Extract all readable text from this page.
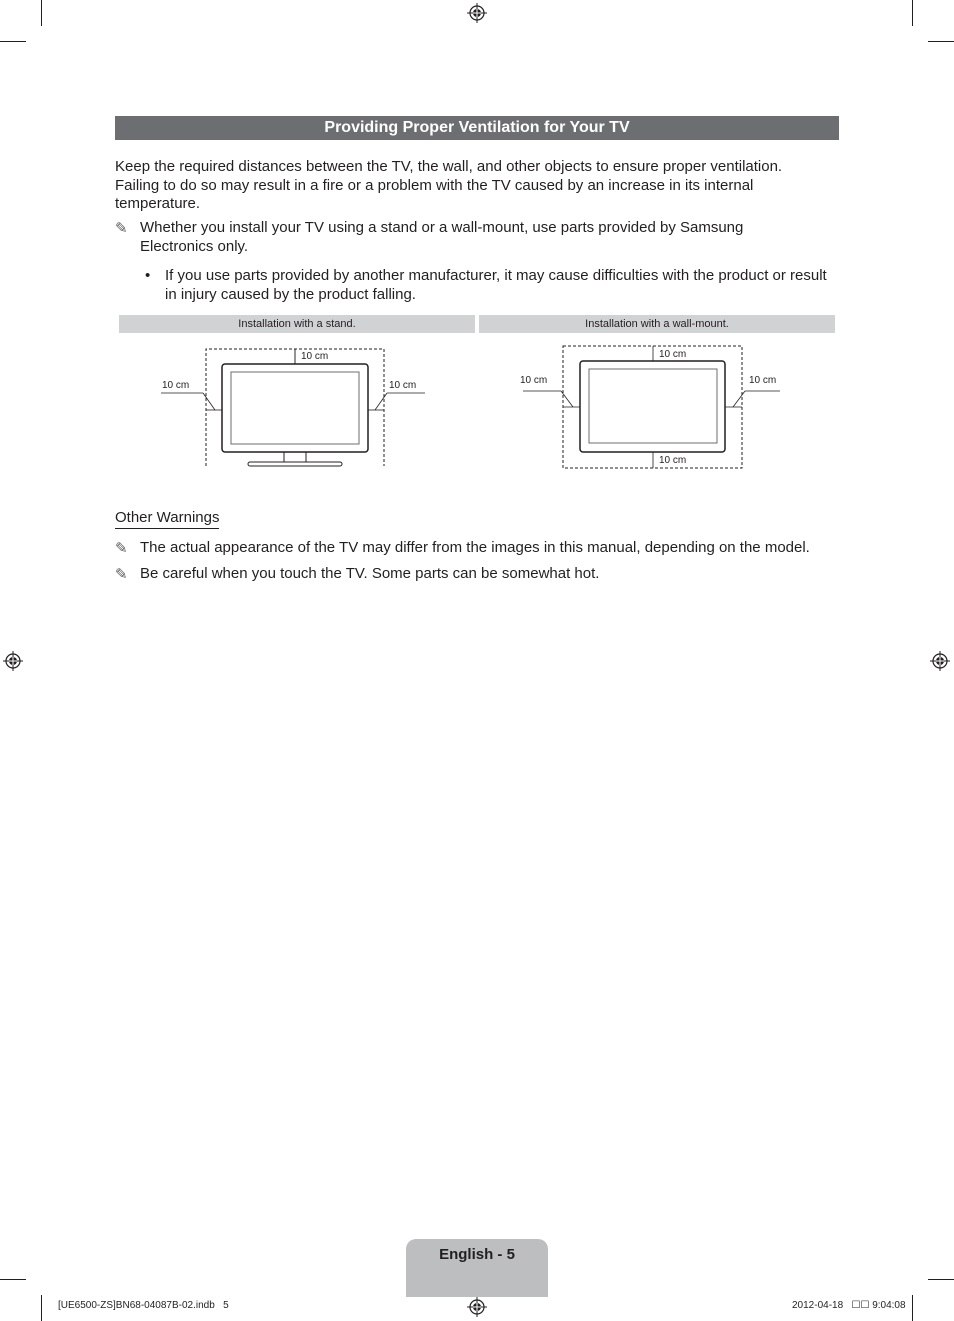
Providing Proper Ventilation for Your TV
Keep the required distances between the TV, the wall, and other objects to ensure proper ventilation.
Failing to do so may result in a fire or a problem with the TV caused by an increase in its internal
temperature.
✎ Whether you install your TV using a stand or a wall-mount, use parts provided by Samsung
Electronics only.
• If you use parts provided by another manufacturer, it may cause difficulties with the product or result
in injury caused by the product falling.
Installation with a stand.	Installation with a wall-mount.
10 cm
10 cm	10 cm
10 cm
10 cm	10 cm
10 cm
Other Warnings
✎ The actual appearance of the TV may differ from the images in this manual, depending on the model.
✎ Be careful when you touch the TV. Some parts can be somewhat hot.
English - 5
[UE6500-ZS]BN68-04087B-02.indb   5	2012-04-18   ☐☐ 9:04:08
